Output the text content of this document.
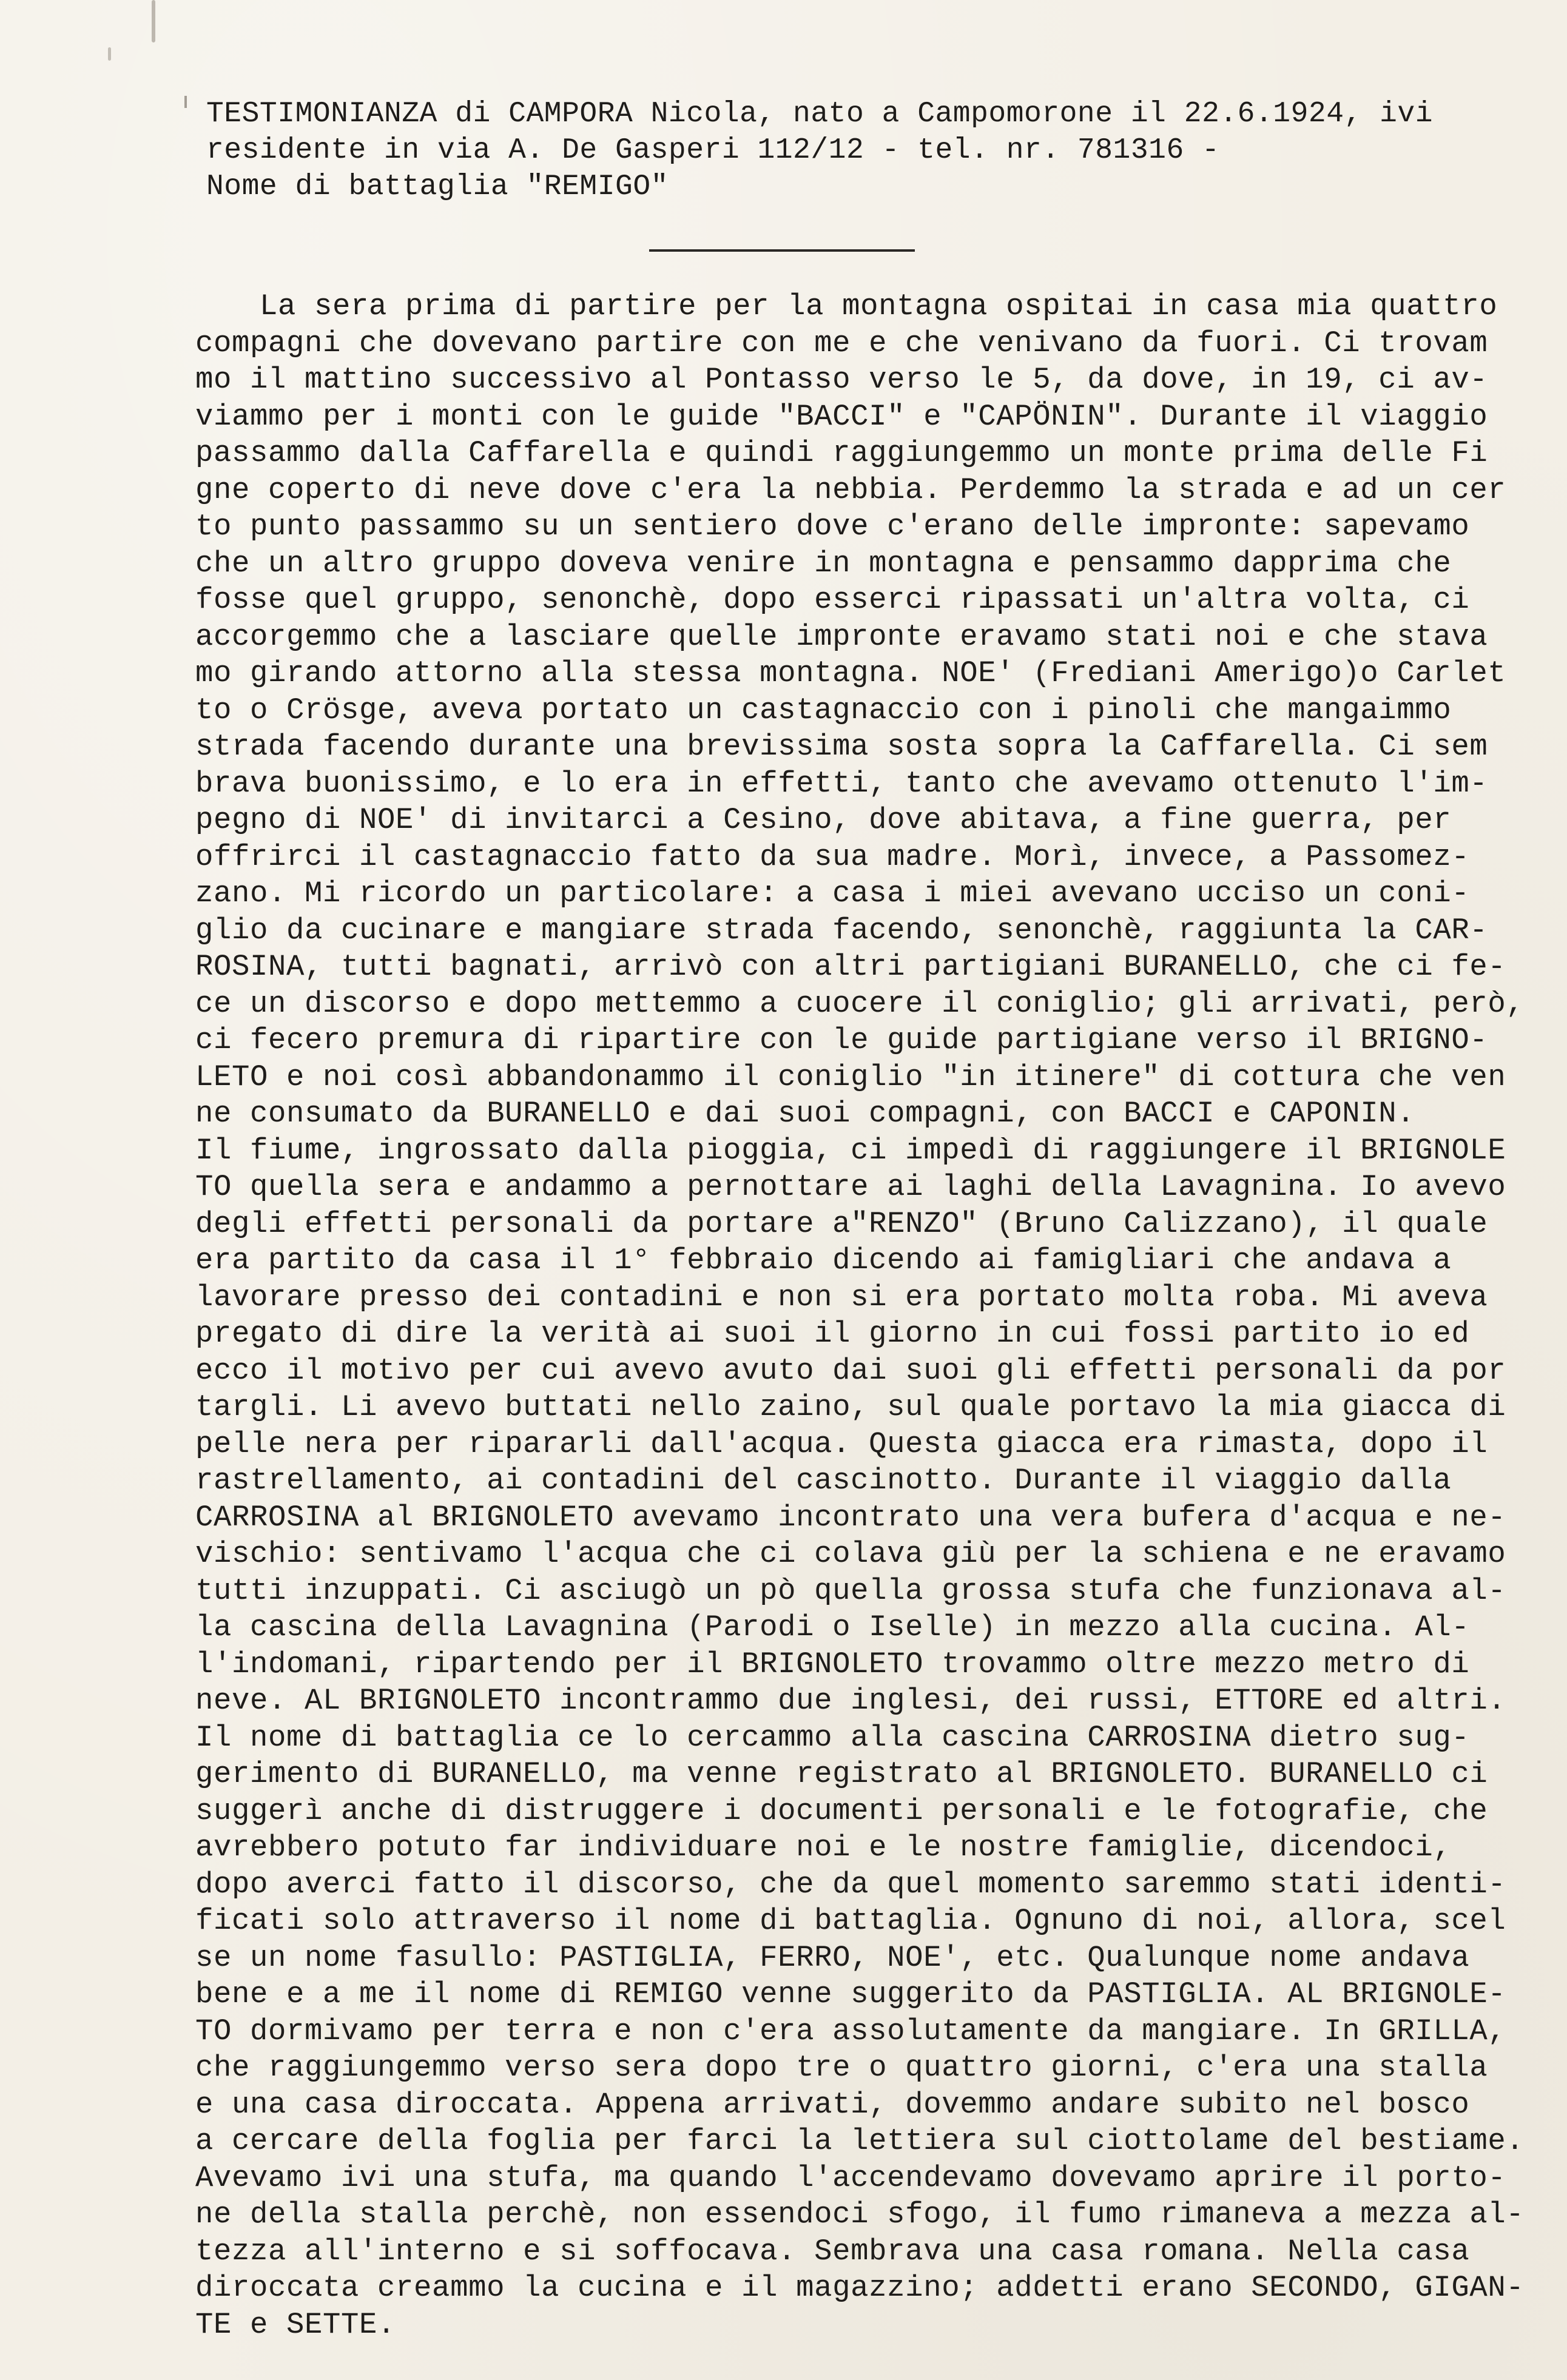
TESTIMONIANZA di CAMPORA Nicola, nato a Campomorone il 22.6.1924, ivi
residente in via A. De Gasperi 112/12 - tel. nr. 781316 -
Nome di battaglia "REMIGO"
La sera prima di partire per la montagna ospitai in casa mia quattro
compagni che dovevano partire con me e che venivano da fuori. Ci trovam
mo il mattino successivo al Pontasso verso le 5, da dove, in 19, ci av-
viammo per i monti con le guide "BACCI" e "CAPÖNIN". Durante il viaggio
passammo dalla Caffarella e quindi raggiungemmo un monte prima delle Fi
gne coperto di neve dove c'era la nebbia. Perdemmo la strada e ad un cer
to punto passammo su un sentiero dove c'erano delle impronte: sapevamo
che un altro gruppo doveva venire in montagna e pensammo dapprima che
fosse quel gruppo, senonchè, dopo esserci ripassati un'altra volta, ci
accorgemmo che a lasciare quelle impronte eravamo stati noi e che stava
mo girando attorno alla stessa montagna. NOE' (Frediani Amerigo)o Carlet
to o Crösge, aveva portato un castagnaccio con i pinoli che mangaimmo
strada facendo durante una brevissima sosta sopra la Caffarella. Ci sem
brava buonissimo, e lo era in effetti, tanto che avevamo ottenuto l'im-
pegno di NOE' di invitarci a Cesino, dove abitava, a fine guerra, per
offrirci il castagnaccio fatto da sua madre. Morì, invece, a Passomez-
zano. Mi ricordo un particolare: a casa i miei avevano ucciso un coni-
glio da cucinare e mangiare strada facendo, senonchè, raggiunta la CAR-
ROSINA, tutti bagnati, arrivò con altri partigiani BURANELLO, che ci fe-
ce un discorso e dopo mettemmo a cuocere il coniglio; gli arrivati, però,
ci fecero premura di ripartire con le guide partigiane verso il BRIGNO-
LETO e noi così abbandonammo il coniglio "in itinere" di cottura che ven
ne consumato da BURANELLO e dai suoi compagni, con BACCI e CAPONIN.
Il fiume, ingrossato dalla pioggia, ci impedì di raggiungere il BRIGNOLE
TO quella sera e andammo a pernottare ai laghi della Lavagnina. Io avevo
degli effetti personali da portare a"RENZO" (Bruno Calizzano), il quale
era partito da casa il 1° febbraio dicendo ai famigliari che andava a
lavorare presso dei contadini e non si era portato molta roba. Mi aveva
pregato di dire la verità ai suoi il giorno in cui fossi partito io ed
ecco il motivo per cui avevo avuto dai suoi gli effetti personali da por
targli. Li avevo buttati nello zaino, sul quale portavo la mia giacca di
pelle nera per ripararli dall'acqua. Questa giacca era rimasta, dopo il
rastrellamento, ai contadini del cascinotto. Durante il viaggio dalla
CARROSINA al BRIGNOLETO avevamo incontrato una vera bufera d'acqua e ne-
vischio: sentivamo l'acqua che ci colava giù per la schiena e ne eravamo
tutti inzuppati. Ci asciugò un pò quella grossa stufa che funzionava al-
la cascina della Lavagnina (Parodi o Iselle) in mezzo alla cucina. Al-
l'indomani, ripartendo per il BRIGNOLETO trovammo oltre mezzo metro di
neve. AL BRIGNOLETO incontrammo due inglesi, dei russi, ETTORE ed altri.
Il nome di battaglia ce lo cercammo alla cascina CARROSINA dietro sug-
gerimento di BURANELLO, ma venne registrato al BRIGNOLETO. BURANELLO ci
suggerì anche di distruggere i documenti personali e le fotografie, che
avrebbero potuto far individuare noi e le nostre famiglie, dicendoci,
dopo averci fatto il discorso, che da quel momento saremmo stati identi-
ficati solo attraverso il nome di battaglia. Ognuno di noi, allora, scel
se un nome fasullo: PASTIGLIA, FERRO, NOE', etc. Qualunque nome andava
bene e a me il nome di REMIGO venne suggerito da PASTIGLIA. AL BRIGNOLE-
TO dormivamo per terra e non c'era assolutamente da mangiare. In GRILLA,
che raggiungemmo verso sera dopo tre o quattro giorni, c'era una stalla
e una casa diroccata. Appena arrivati, dovemmo andare subito nel bosco
a cercare della foglia per farci la lettiera sul ciottolame del bestiame.
Avevamo ivi una stufa, ma quando l'accendevamo dovevamo aprire il porto-
ne della stalla perchè, non essendoci sfogo, il fumo rimaneva a mezza al-
tezza all'interno e si soffocava. Sembrava una casa romana. Nella casa
diroccata creammo la cucina e il magazzino; addetti erano SECONDO, GIGAN-
TE e SETTE.
